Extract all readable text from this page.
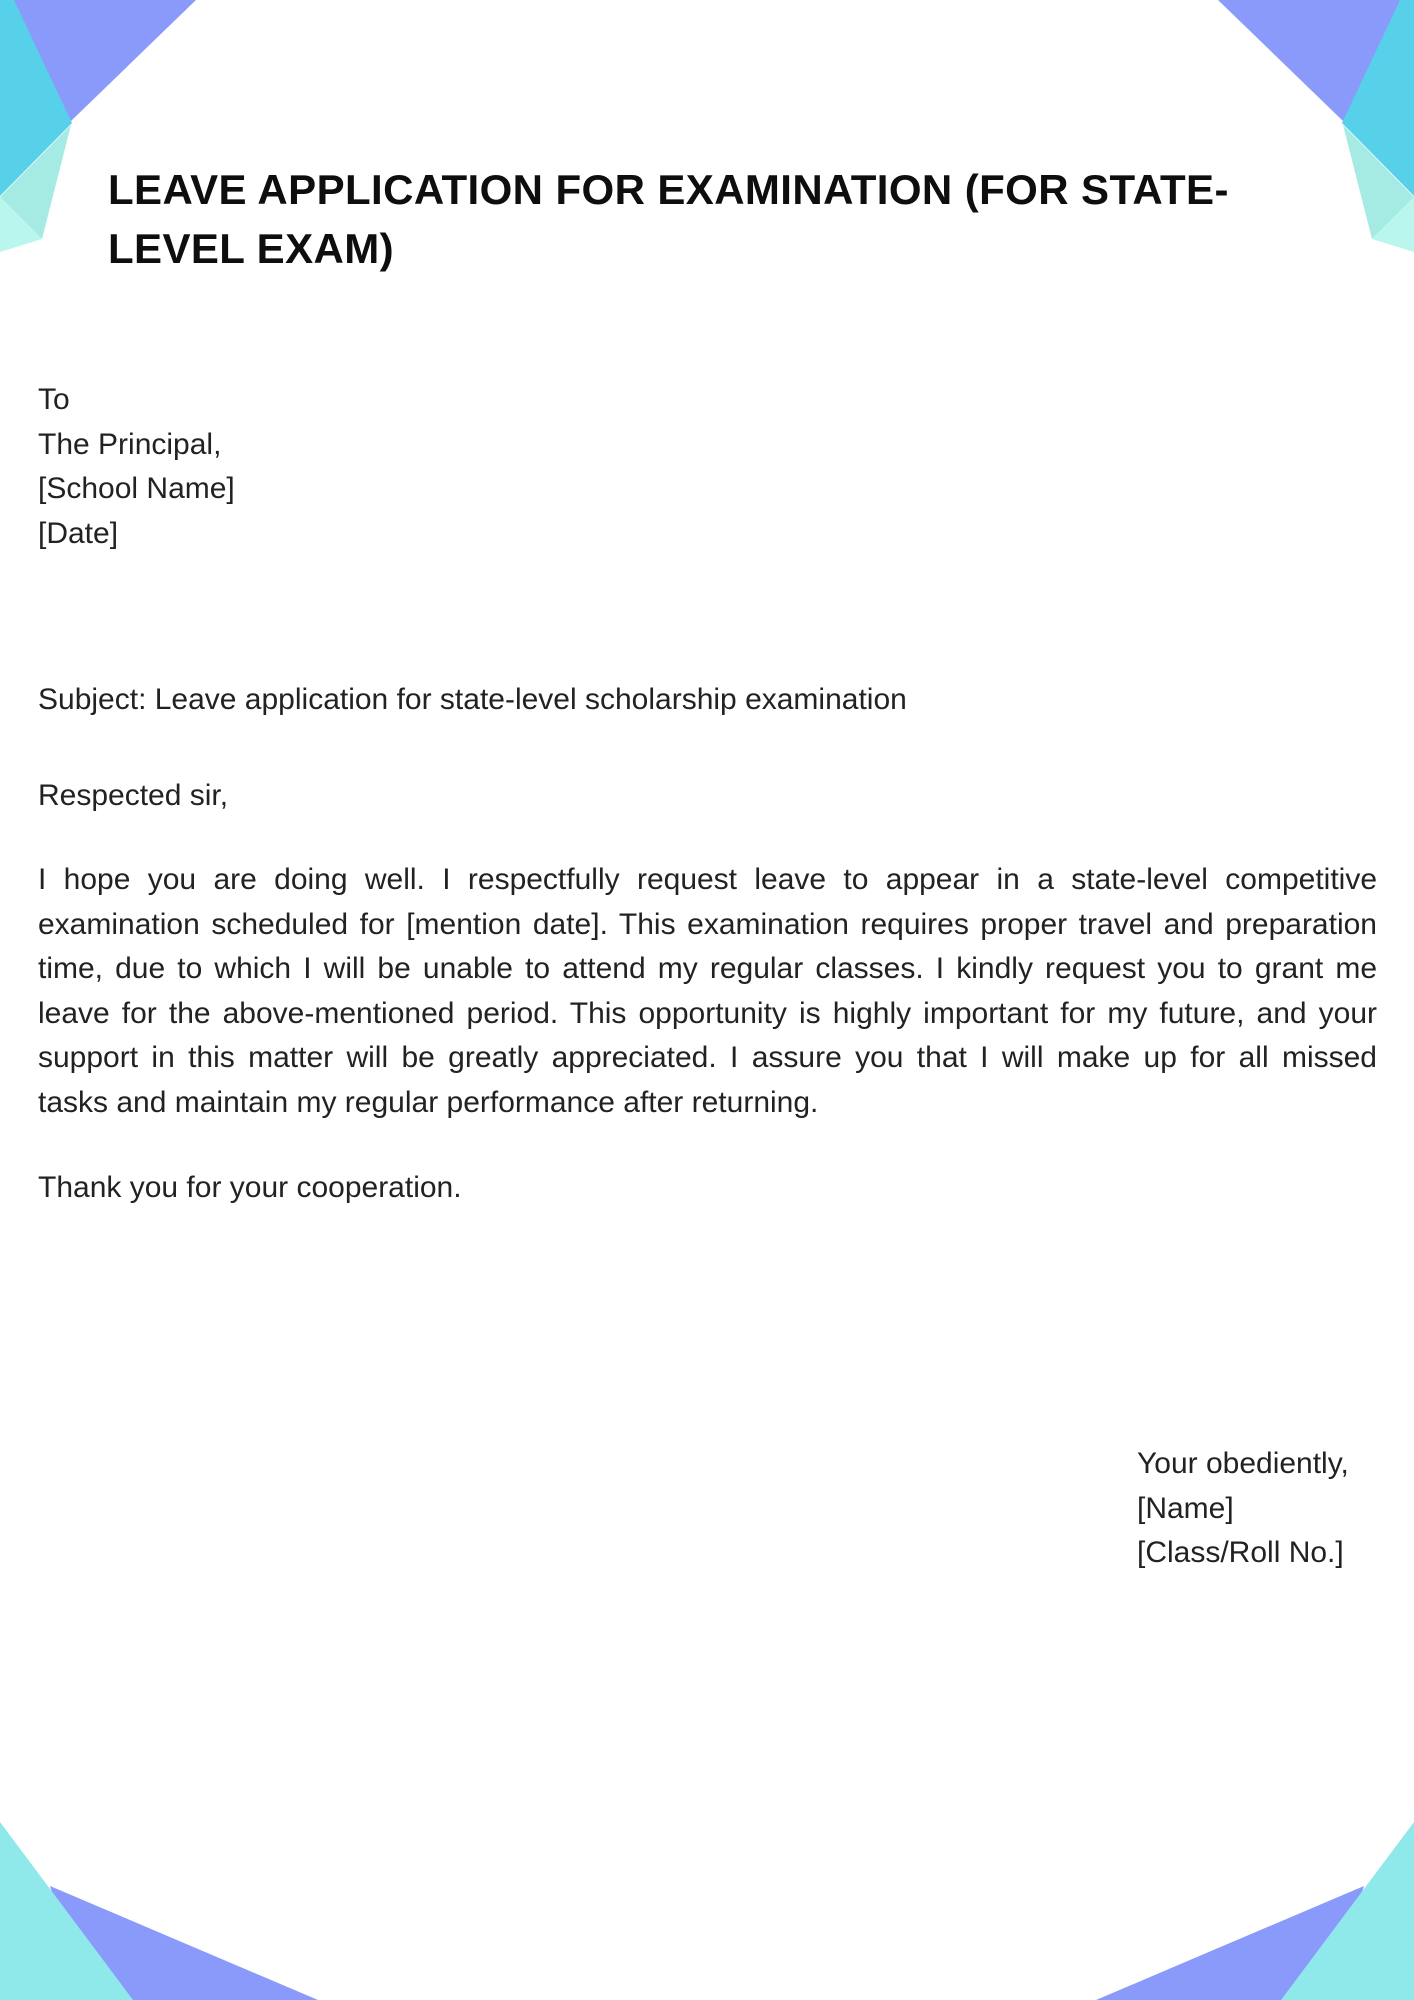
LEAVE APPLICATION FOR EXAMINATION (FOR STATE-
LEVEL EXAM)
To
The Principal,
[School Name]
[Date]
Subject: Leave application for state-level scholarship examination
Respected sir,
I hope you are doing well. I respectfully request leave to appear in a state-level competitive
examination scheduled for [mention date]. This examination requires proper travel and preparation
time, due to which I will be unable to attend my regular classes. I kindly request you to grant me
leave for the above-mentioned period. This opportunity is highly important for my future, and your
support in this matter will be greatly appreciated. I assure you that I will make up for all missed
tasks and maintain my regular performance after returning.
Thank you for your cooperation.
Your obediently,
[Name]
[Class/Roll No.]
